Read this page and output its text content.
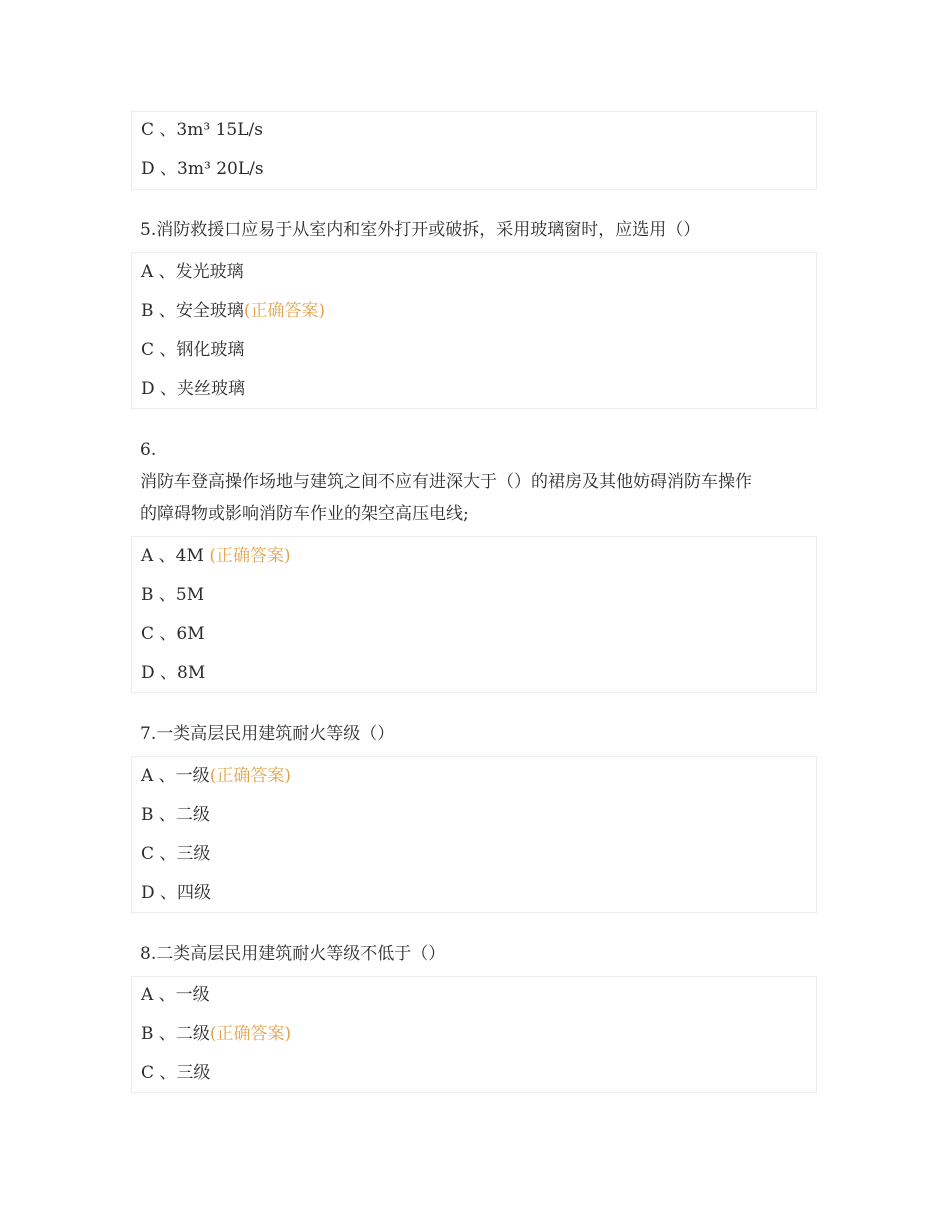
C 、3m³ 15L/s
D 、3m³ 20L/s
5.消防救援口应易于从室内和室外打开或破拆，采用玻璃窗时，应选用（）
A 、发光玻璃
B 、安全玻璃(正确答案)
C 、钢化玻璃
D 、夹丝玻璃
6.
消防车登高操作场地与建筑之间不应有进深大于（）的裙房及其他妨碍消防车操作
的障碍物或影响消防车作业的架空高压电线;
A 、4M (正确答案)
B 、5M
C 、6M
D 、8M
7.一类高层民用建筑耐火等级（）
A 、一级(正确答案)
B 、二级
C 、三级
D 、四级
8.二类高层民用建筑耐火等级不低于（）
A 、一级
B 、二级(正确答案)
C 、三级
